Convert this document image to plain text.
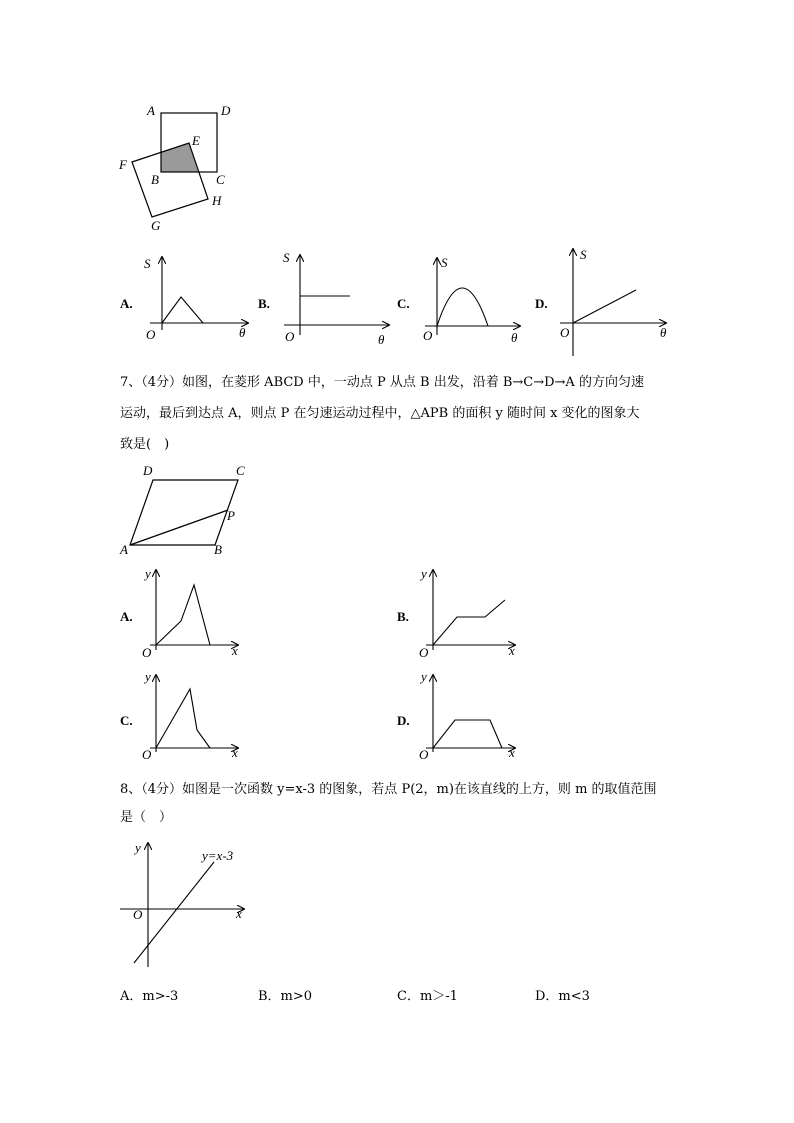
A	D
E
F
B	C
G
H
A.
S
O	θ
B.
S
O	θ
C.
S
O	θ
D.
S
O	θ
7、（4分）如图，在菱形 ABCD 中，一动点 P 从点 B 出发，沿着 B→C→D→A 的方向匀速
运动，最后到达点 A，则点 P 在匀速运动过程中，△APB 的面积 y 随时间 x 变化的图象大
致是(　)
D	C
P
A	B
A.
y
O	x
B.
y
O	x
C.
y
O	x
D.
y
O	x
8、（4分）如图是一次函数 y=x-3 的图象，若点 P(2，m)在该直线的上方，则 m 的取值范围
是（　）
y
O	x
y=x-3
A．m>-3	B．m>0	C．m＞-1	D．m<3
